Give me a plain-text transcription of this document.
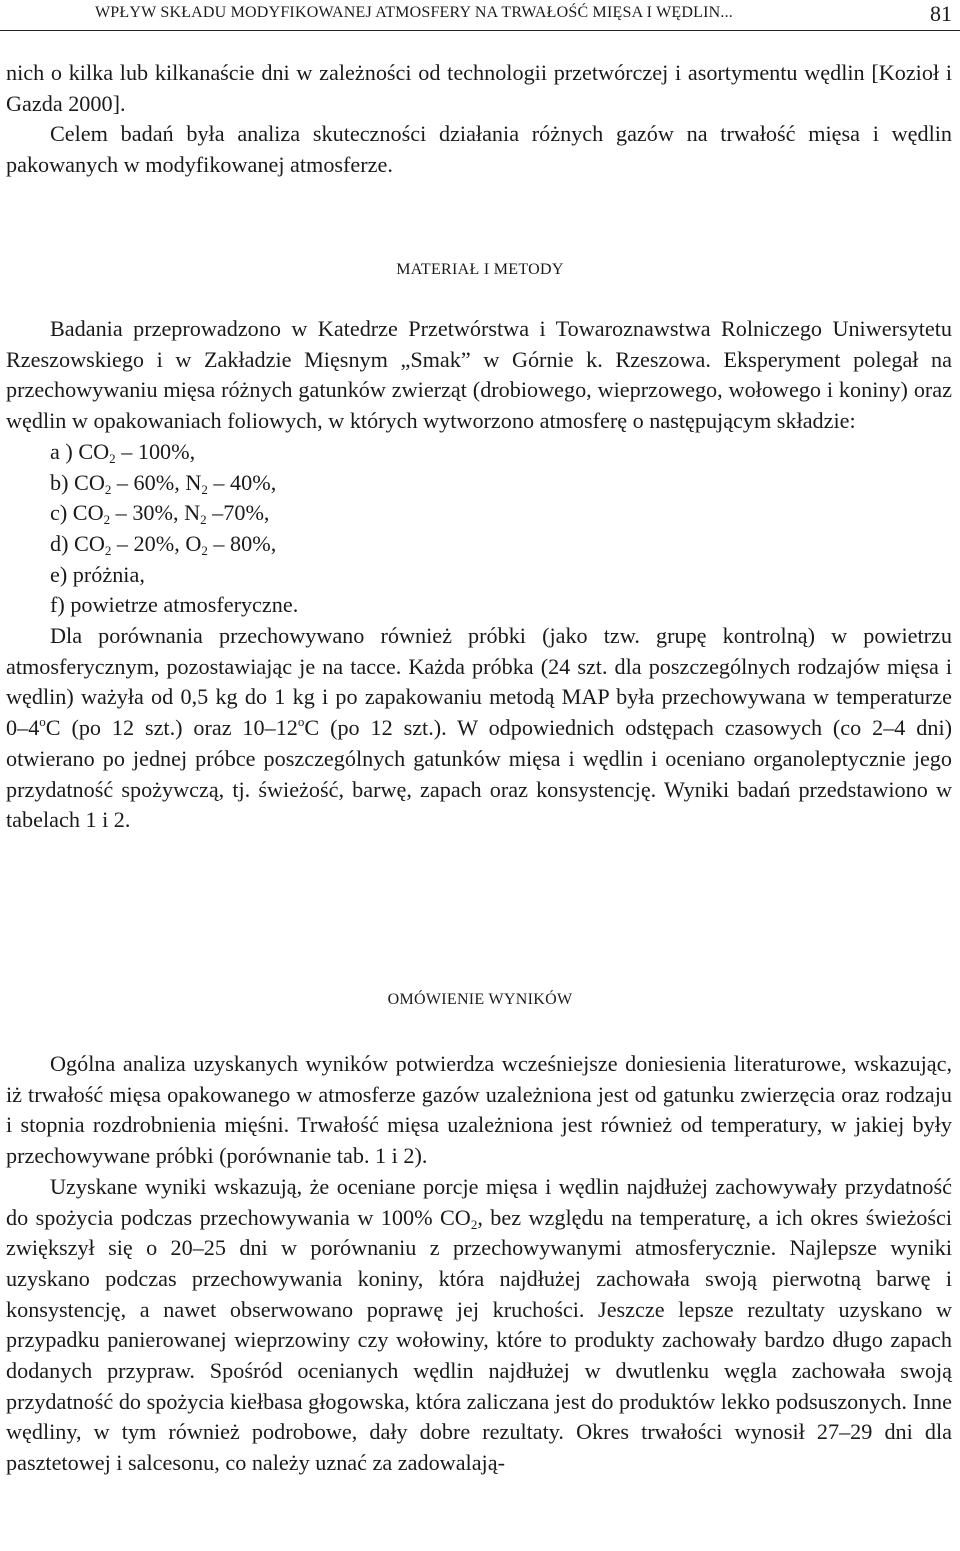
WPŁYW SKŁADU MODYFIKOWANEJ ATMOSFERY NA TRWAŁOŚĆ MIĘSA I WĘDLIN...	81

nich o kilka lub kilkanaście dni w zależności od technologii przetwórczej i asortymentu wędlin [Kozioł i Gazda 2000].

Celem badań była analiza skuteczności działania różnych gazów na trwałość mięsa i wędlin pakowanych w modyfikowanej atmosferze.

MATERIAŁ I METODY

Badania przeprowadzono w Katedrze Przetwórstwa i Towaroznawstwa Rolniczego Uniwersytetu Rzeszowskiego i w Zakładzie Mięsnym „Smak” w Górnie k. Rzeszowa. Eksperyment polegał na przechowywaniu mięsa różnych gatunków zwierząt (drobiowego, wieprzowego, wołowego i koniny) oraz wędlin w opakowaniach foliowych, w których wytworzono atmosferę o następującym składzie:

a ) $CO_2 - 100\%$,
b) $CO_2 - 60\%$, $N_2 - 40\%$,
c) $CO_2 - 30\%$, $N_2$ –70%,
d) $CO_2 - 20\%$, $O_2 - 80\%$,
e) próżnia,
f) powietrze atmosferyczne.

Dla porównania przechowywano również próbki (jako tzw. grupę kontrolną) w powietrzu atmosferycznym, pozostawiając je na tacce. Każda próbka (24 szt. dla poszczególnych rodzajów mięsa i wędlin) ważyła od 0,5 kg do 1 kg i po zapakowaniu metodą MAP była przechowywana w temperaturze 0–4$^o$C (po 12 szt.) oraz 10–12$^o$C (po 12 szt.). W odpowiednich odstępach czasowych (co 2–4 dni) otwierano po jednej próbce poszczególnych gatunków mięsa i wędlin i oceniano organoleptycznie jego przydatność spożywczą, tj. świeżość, barwę, zapach oraz konsystencję. Wyniki badań przedstawiono w tabelach 1 i 2.

OMÓWIENIE WYNIKÓW

Ogólna analiza uzyskanych wyników potwierdza wcześniejsze doniesienia literaturowe, wskazując, iż trwałość mięsa opakowanego w atmosferze gazów uzależniona jest od gatunku zwierzęcia oraz rodzaju i stopnia rozdrobnienia mięśni. Trwałość mięsa uzależniona jest również od temperatury, w jakiej były przechowywane próbki (porównanie tab. 1 i 2).

Uzyskane wyniki wskazują, że oceniane porcje mięsa i wędlin najdłużej zachowywały przydatność do spożycia podczas przechowywania w 100% $CO_2$, bez względu na temperaturę, a ich okres świeżości zwiększył się o 20–25 dni w porównaniu z przechowywanymi atmosferycznie. Najlepsze wyniki uzyskano podczas przechowywania koniny, która najdłużej zachowała swoją pierwotną barwę i konsystencję, a nawet obserwowano poprawę jej kruchości. Jeszcze lepsze rezultaty uzyskano w przypadku panierowanej wieprzowiny czy wołowiny, które to produkty zachowały bardzo długo zapach dodanych przypraw. Spośród ocenianych wędlin najdłużej w dwutlenku węgla zachowała swoją przydatność do spożycia kiełbasa głogowska, która zaliczana jest do produktów lekko podsuszonych. Inne wędliny, w tym również podrobowe, dały dobre rezultaty. Okres trwałości wynosił 27–29 dni dla pasztetowej i salcesonu, co należy uznać za zadowalają-
